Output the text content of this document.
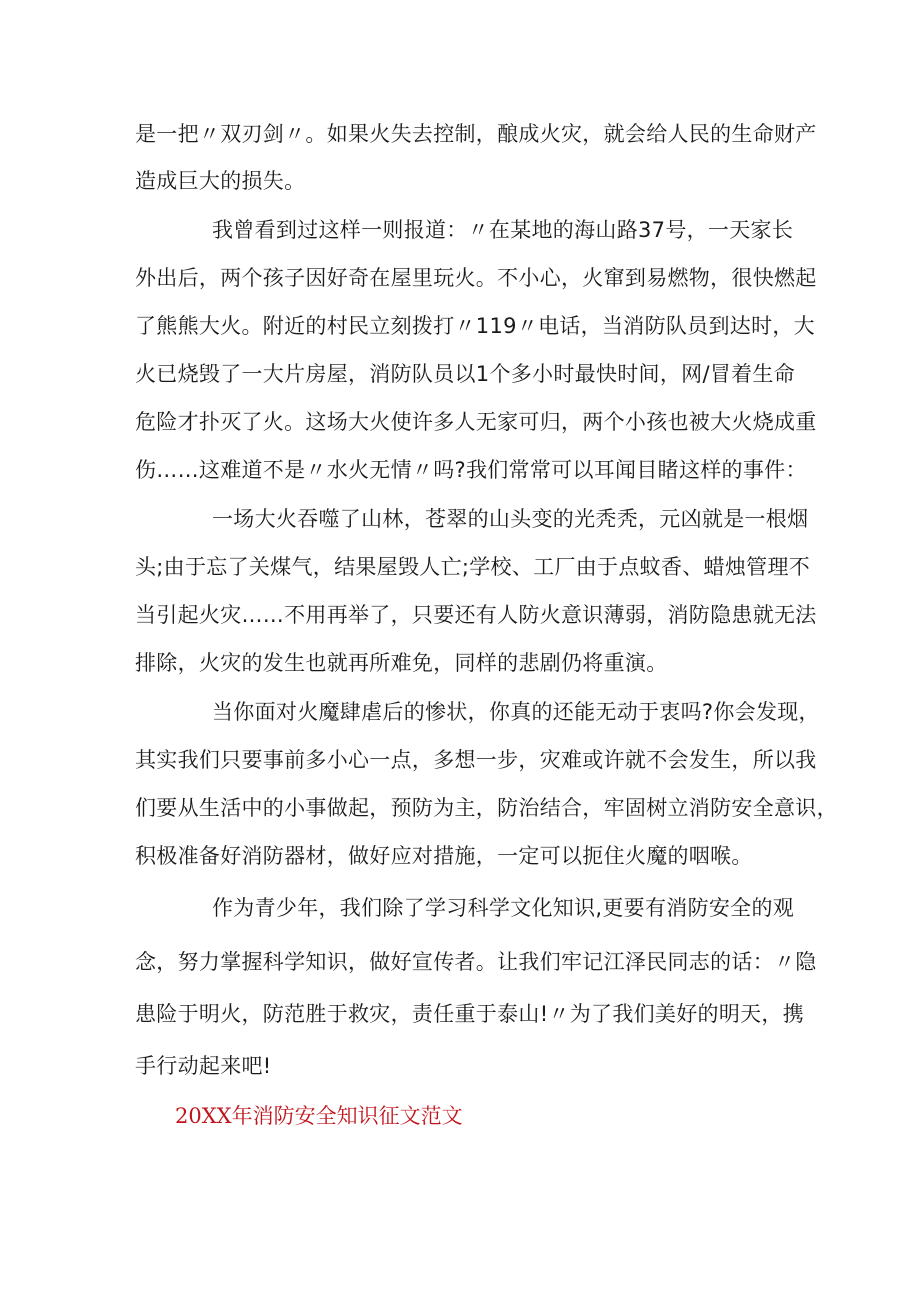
是一把〃双刃剑〃。如果火失去控制，酿成火灾，就会给人民的生命财产
造成巨大的损失。
我曾看到过这样一则报道：〃在某地的海山路37号，一天家长
外出后，两个孩子因好奇在屋里玩火。不小心，火窜到易燃物，很快燃起
了熊熊大火。附近的村民立刻拨打〃119〃电话，当消防队员到达时，大
火已烧毁了一大片房屋，消防队员以1个多小时最快时间，网/冒着生命
危险才扑灭了火。这场大火使许多人无家可归，两个小孩也被大火烧成重
伤……这难道不是〃水火无情〃吗?我们常常可以耳闻目睹这样的事件：
一场大火吞噬了山林，苍翠的山头变的光秃秃，元凶就是一根烟
头;由于忘了关煤气，结果屋毁人亡;学校、工厂由于点蚊香、蜡烛管理不
当引起火灾……不用再举了，只要还有人防火意识薄弱，消防隐患就无法
排除，火灾的发生也就再所难免，同样的悲剧仍将重演。
当你面对火魔肆虐后的惨状，你真的还能无动于衷吗?你会发现，
其实我们只要事前多小心一点，多想一步，灾难或许就不会发生，所以我
们要从生活中的小事做起，预防为主，防治结合，牢固树立消防安全意识，
积极准备好消防器材，做好应对措施，一定可以扼住火魔的咽喉。
作为青少年，我们除了学习科学文化知识,更要有消防安全的观
念，努力掌握科学知识，做好宣传者。让我们牢记江泽民同志的话：〃隐
患险于明火，防范胜于救灾，责任重于泰山!〃为了我们美好的明天，携
手行动起来吧!
20XX年消防安全知识征文范文
